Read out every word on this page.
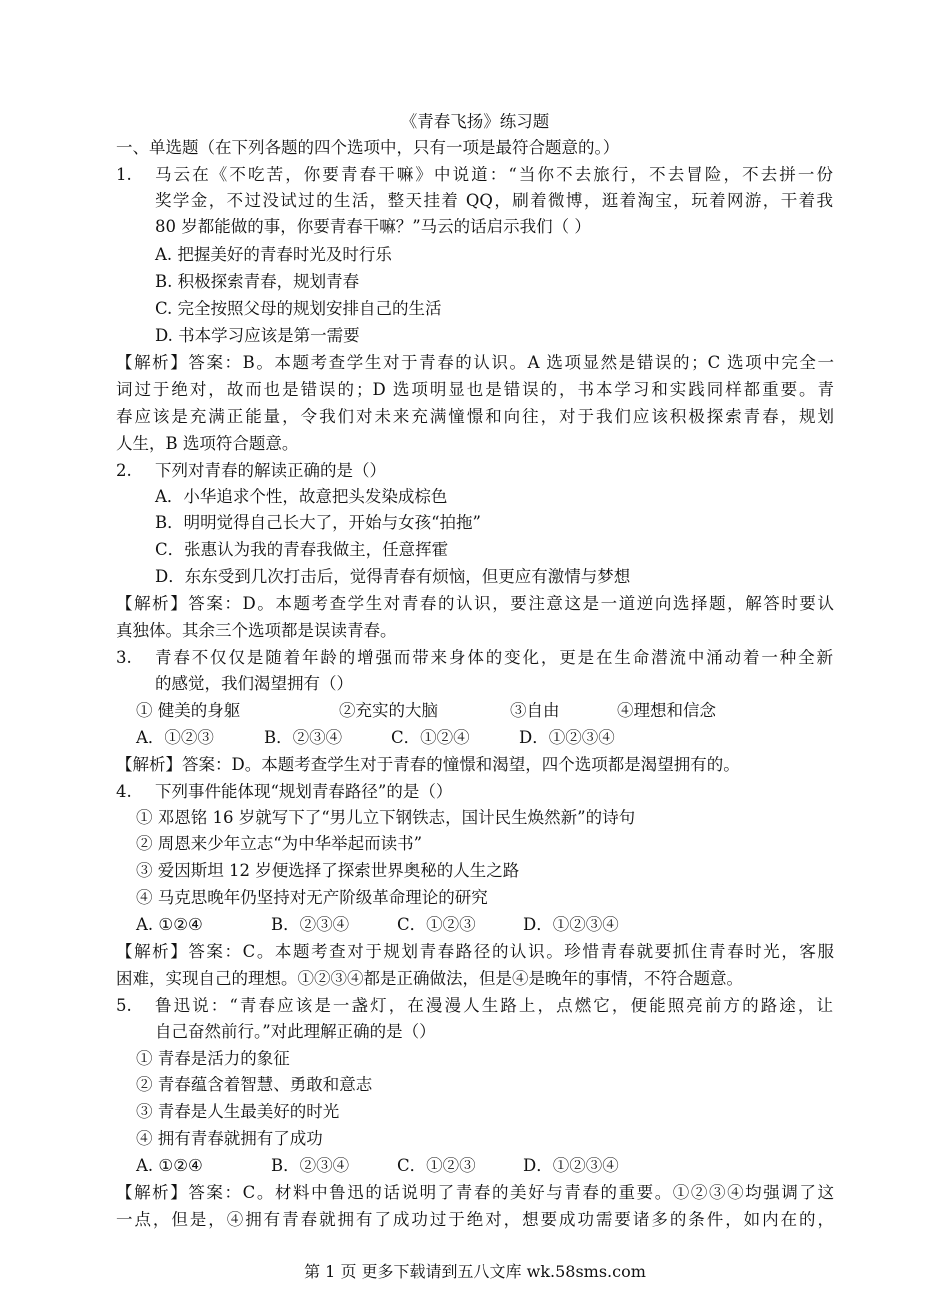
《青春飞扬》练习题
一、单选题（在下列各题的四个选项中，只有一项是最符合题意的。）
1. 马云在《不吃苦，你要青春干嘛》中说道：“当你不去旅行，不去冒险，不去拼一份
奖学金，不过没试过的生活，整天挂着 QQ，刷着微博，逛着淘宝，玩着网游，干着我
80 岁都能做的事，你要青春干嘛？”马云的话启示我们（ ）
A. 把握美好的青春时光及时行乐
B. 积极探索青春，规划青春
C. 完全按照父母的规划安排自己的生活
D. 书本学习应该是第一需要
【解析】答案：B。本题考查学生对于青春的认识。A 选项显然是错误的；C 选项中完全一
词过于绝对，故而也是错误的；D 选项明显也是错误的，书本学习和实践同样都重要。青
春应该是充满正能量，令我们对未来充满憧憬和向往，对于我们应该积极探索青春，规划
人生，B 选项符合题意。
2. 下列对青春的解读正确的是（）
A．小华追求个性，故意把头发染成棕色
B．明明觉得自己长大了，开始与女孩“拍拖”
C．张惠认为我的青春我做主，任意挥霍
D．东东受到几次打击后，觉得青春有烦恼，但更应有激情与梦想
【解析】答案：D。本题考查学生对青春的认识，要注意这是一道逆向选择题，解答时要认
真独体。其余三个选项都是误读青春。
3. 青春不仅仅是随着年龄的增强而带来身体的变化，更是在生命潜流中涌动着一种全新
的感觉，我们渴望拥有（）
① 健美的身躯	②充实的大脑	③自由	④理想和信念
A．①②③	B．②③④	C．①②④	D．①②③④
【解析】答案：D。本题考查学生对于青春的憧憬和渴望，四个选项都是渴望拥有的。
4. 下列事件能体现“规划青春路径”的是（）
① 邓恩铭 16 岁就写下了“男儿立下钢铁志，国计民生焕然新”的诗句
② 周恩来少年立志“为中华举起而读书”
③ 爱因斯坦 12 岁便选择了探索世界奥秘的人生之路
④ 马克思晚年仍坚持对无产阶级革命理论的研究
A. ①②④	B．②③④	C．①②③	D．①②③④
【解析】答案：C。本题考查对于规划青春路径的认识。珍惜青春就要抓住青春时光，客服
困难，实现自己的理想。①②③④都是正确做法，但是④是晚年的事情，不符合题意。
5. 鲁迅说：“青春应该是一盏灯，在漫漫人生路上，点燃它，便能照亮前方的路途，让
自己奋然前行。”对此理解正确的是（）
① 青春是活力的象征
② 青春蕴含着智慧、勇敢和意志
③ 青春是人生最美好的时光
④ 拥有青春就拥有了成功
A. ①②④	B．②③④	C．①②③	D．①②③④
【解析】答案：C。材料中鲁迅的话说明了青春的美好与青春的重要。①②③④均强调了这
一点，但是，④拥有青春就拥有了成功过于绝对，想要成功需要诸多的条件，如内在的，
第 1 页 更多下载请到五八文库 wk.58sms.com
